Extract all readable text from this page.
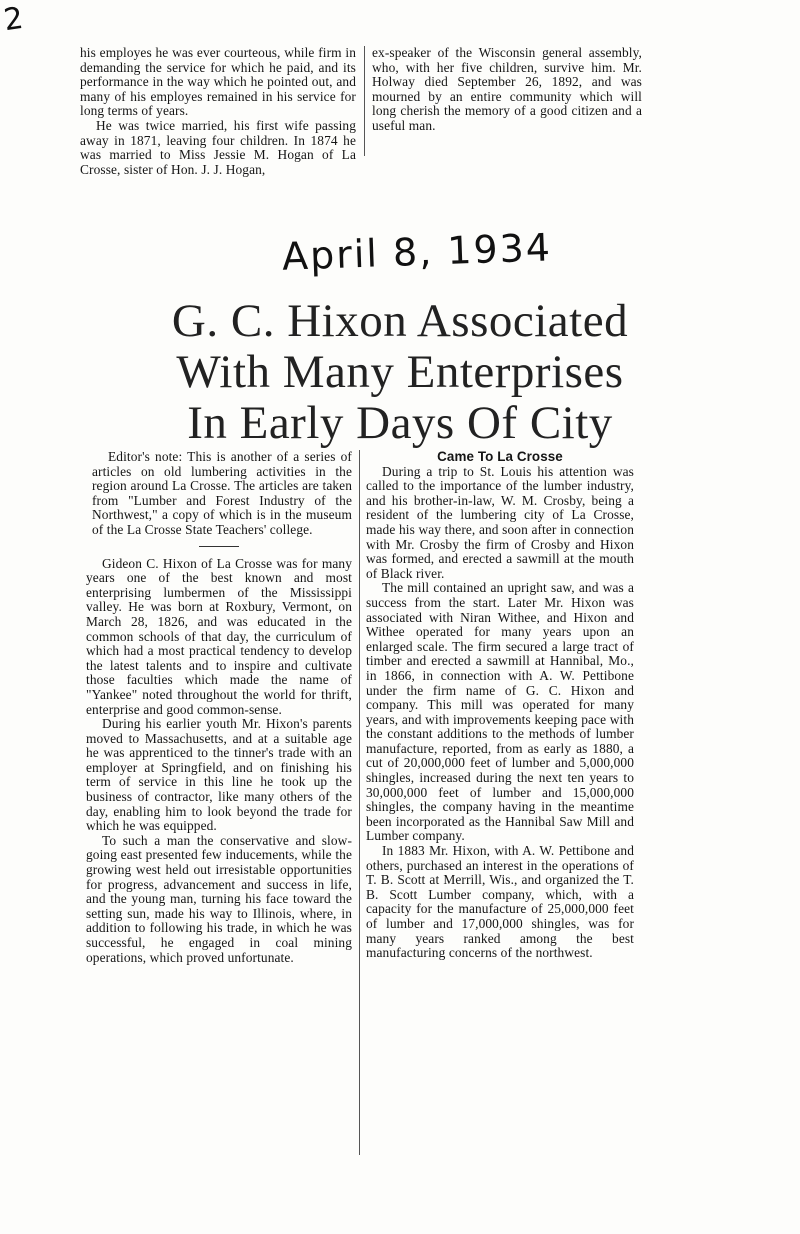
2

his employes he was ever courteous, while firm in demanding the service for which he paid, and its performance in the way which he pointed out, and many of his employes remained in his service for long terms of years.

He was twice married, his first wife passing away in 1871, leaving four children. In 1874 he was married to Miss Jessie M. Hogan of La Crosse, sister of Hon. J. J. Hogan,

ex-speaker of the Wisconsin general assembly, who, with her five children, survive him. Mr. Holway died September 26, 1892, and was mourned by an entire community which will long cherish the memory of a good citizen and a useful man.

April 8, 1934
G. C. Hixon Associated
With Many Enterprises
In Early Days Of City

Editor's note: This is another of a series of articles on old lumbering activities in the region around La Crosse. The articles are taken from "Lumber and Forest Industry of the Northwest," a copy of which is in the museum of the La Crosse State Teachers' college.

Gideon C. Hixon of La Crosse was for many years one of the best known and most enterprising lumbermen of the Mississippi valley. He was born at Roxbury, Vermont, on March 28, 1826, and was educated in the common schools of that day, the curriculum of which had a most practical tendency to develop the latest talents and to inspire and cultivate those faculties which made the name of "Yankee" noted throughout the world for thrift, enterprise and good common-sense.

During his earlier youth Mr. Hixon's parents moved to Massachusetts, and at a suitable age he was apprenticed to the tinner's trade with an employer at Springfield, and on finishing his term of service in this line he took up the business of contractor, like many others of the day, enabling him to look beyond the trade for which he was equipped.

To such a man the conservative and slow-going east presented few inducements, while the growing west held out irresistable opportunities for progress, advancement and success in life, and the young man, turning his face toward the setting sun, made his way to Illinois, where, in addition to following his trade, in which he was successful, he engaged in coal mining operations, which proved unfortunate.

Came To La Crosse

During a trip to St. Louis his attention was called to the importance of the lumber industry, and his brother-in-law, W. M. Crosby, being a resident of the lumbering city of La Crosse, made his way there, and soon after in connection with Mr. Crosby the firm of Crosby and Hixon was formed, and erected a sawmill at the mouth of Black river.

The mill contained an upright saw, and was a success from the start. Later Mr. Hixon was associated with Niran Withee, and Hixon and Withee operated for many years upon an enlarged scale. The firm secured a large tract of timber and erected a sawmill at Hannibal, Mo., in 1866, in connection with A. W. Pettibone under the firm name of G. C. Hixon and company. This mill was operated for many years, and with improvements keeping pace with the constant additions to the methods of lumber manufacture, reported, from as early as 1880, a cut of 20,000,000 feet of lumber and 5,000,000 shingles, increased during the next ten years to 30,000,000 feet of lumber and 15,000,000 shingles, the company having in the meantime been incorporated as the Hannibal Saw Mill and Lumber company.

In 1883 Mr. Hixon, with A. W. Pettibone and others, purchased an interest in the operations of T. B. Scott at Merrill, Wis., and organized the T. B. Scott Lumber company, which, with a capacity for the manufacture of 25,000,000 feet of lumber and 17,000,000 shingles, was for many years ranked among the best manufacturing concerns of the northwest.
